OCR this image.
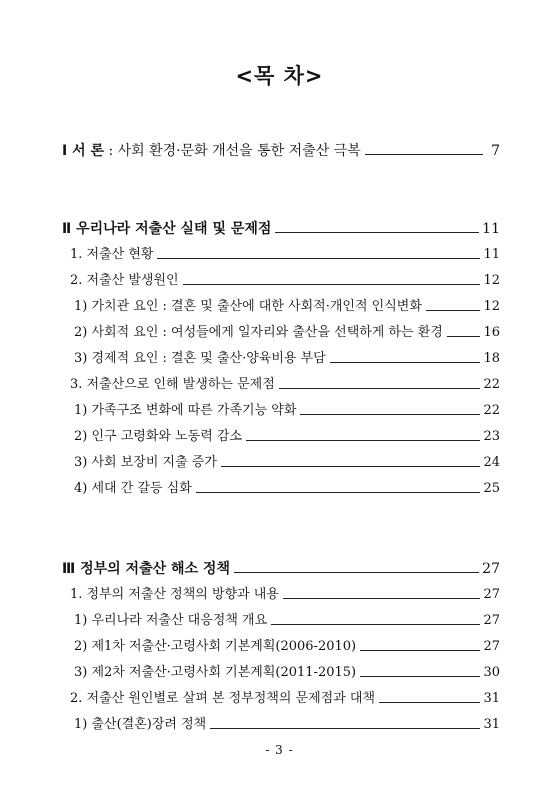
<목 차>
Ⅰ 서 론 : 사회 환경·문화 개선을 통한 저출산 극복	7
Ⅱ 우리나라 저출산 실태 및 문제점	11
1. 저출산 현황	11
2. 저출산 발생원인	12
1) 가치관 요인 : 결혼 및 출산에 대한 사회적·개인적 인식변화	12
2) 사회적 요인 : 여성들에게 일자리와 출산을 선택하게 하는 환경	16
3) 경제적 요인 : 결혼 및 출산·양육비용 부담	18
3. 저출산으로 인해 발생하는 문제점	22
1) 가족구조 변화에 따른 가족기능 약화	22
2) 인구 고령화와 노동력 감소	23
3) 사회 보장비 지출 증가	24
4) 세대 간 갈등 심화	25
Ⅲ 정부의 저출산 해소 정책	27
1. 정부의 저출산 정책의 방향과 내용	27
1) 우리나라 저출산 대응정책 개요	27
2) 제1차 저출산·고령사회 기본계획(2006-2010)	27
3) 제2차 저출산·고령사회 기본계획(2011-2015)	30
2. 저출산 원인별로 살펴 본 정부정책의 문제점과 대책	31
1) 출산(결혼)장려 정책	31
- 3 -
